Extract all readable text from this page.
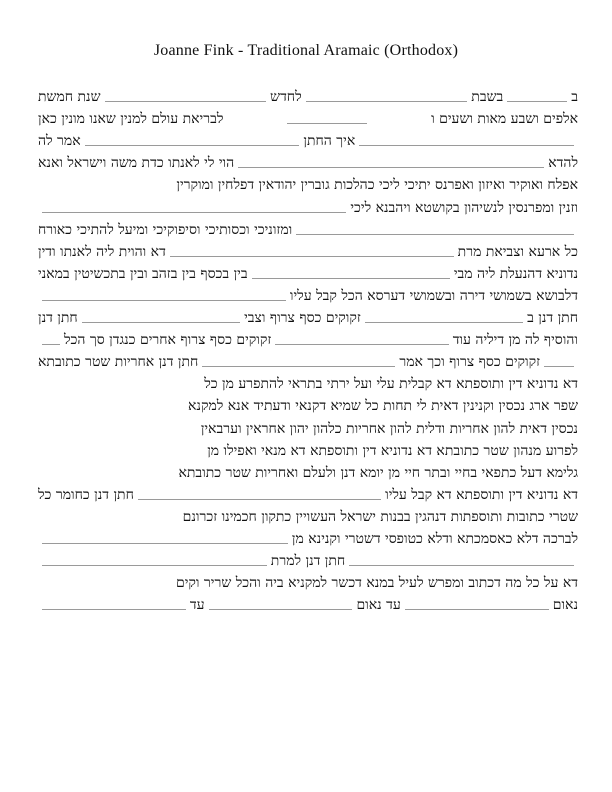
Joanne Fink - Traditional Aramaic (Orthodox)
ב
בשבת
לחדש
שנת חמשת
אלפים ושבע מאות ושעים ו
לבריאת עולם למנין שאנו מונין כאן
איך החתן
אמר לה
להדא
הוי לי לאנתו כדת משה וישראל ואנא
אפלח ואוקיר ואיזון ואפרנס יתיכי ליכי כהלכות גוברין יהודאין דפלחין ומוקרין
וזנין ומפרנסין לנשיהון בקושטא ויהבנא ליכי
ומזוניכי וכסותיכי וסיפוקיכי ומיעל להתיכי כאורח
כל ארעא וצביאת מרת
דא והוית ליה לאנתו ודין
נדוניא דהנעלת ליה מבי
בין בכסף בין בזהב ובין בתכשיטין במאני
דלבושא בשמושי דירה ובשמושי דערסא הכל קבל עליו
חתן דנן ב
זקוקים כסף צרוף וצבי
חתן דנן
והוסיף לה מן דיליה עוד
זקוקים כסף צרוף אחרים כנגדן סך הכל
זקוקים כסף צרוף וכך אמר
חתן דנן אחריות שטר כתובתא
דא נדוניא דין ותוספתא דא קבלית עלי ועל ירתי בתראי להתפרע מן כל
שפר ארג נכסין וקנינין דאית לי תחות כל שמיא דקנאי ודעתיד אנא למקנא
נכסין דאית להון אחריות ודלית להון אחריות כלהון יהון אחראין וערבאין
לפרוע מנהון שטר כתובתא דא נדוניא דין ותוספתא דא מנאי ואפילו מן
גלימא דעל כתפאי בחיי ובתר חיי מן יומא דנן ולעלם ואחריות שטר כתובתא
דא נדוניא דין ותוספתא דא קבל עליו
חתן דנן כחומר כל
שטרי כתובות ותוספתות דנהגין בבנות ישראל העשויין כתקון חכמינו זכרונם
לברכה דלא כאסמכתא ודלא כטופסי דשטרי וקנינא מן
חתן דנן למרת
דא על כל מה דכתוב ומפרש לעיל במנא דכשר למקניא ביה והכל שריר וקים
נאום
עד נאום
עד
